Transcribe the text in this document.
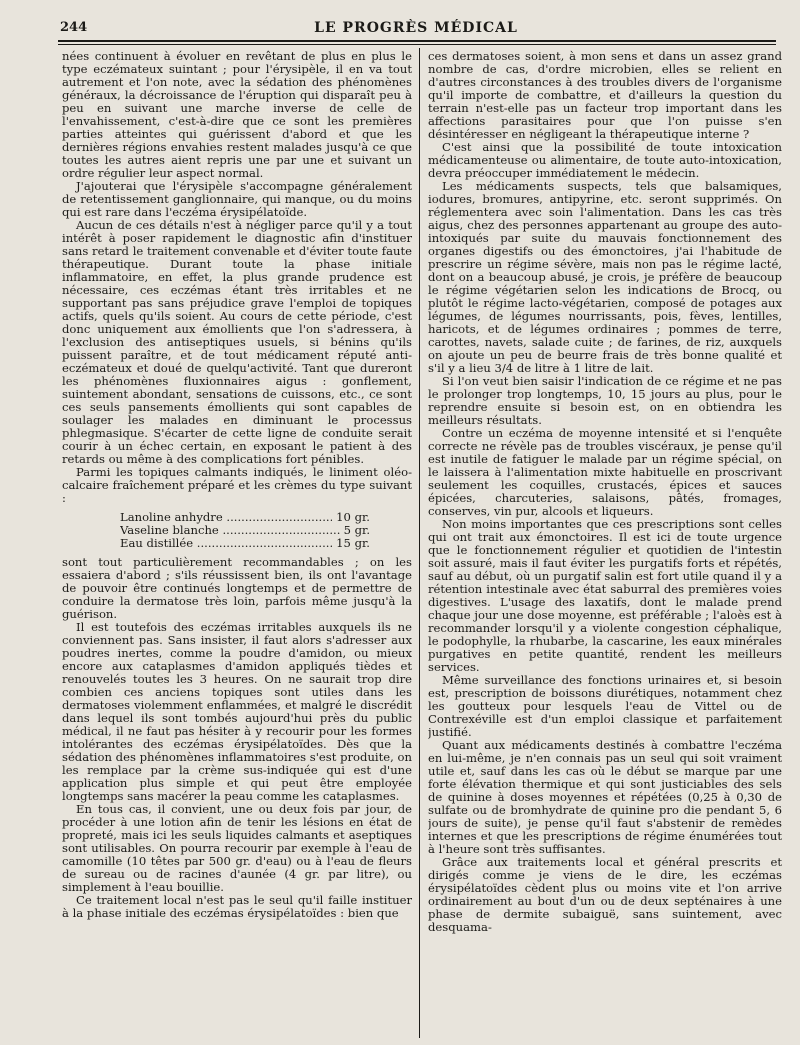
244	LE PROGRÈS MÉDICAL

nées continuent à évoluer en revêtant de plus en plus le type eczémateux suintant ; pour l'érysipèle, il en va tout autrement et l'on note, avec la sédation des phénomènes généraux, la décroissance de l'éruption qui disparaît peu à peu en suivant une marche inverse de celle de l'envahissement, c'est-à-dire que ce sont les premières parties atteintes qui guérissent d'abord et que les dernières régions envahies restent malades jusqu'à ce que toutes les autres aient repris une par une et suivant un ordre régulier leur aspect normal.

J'ajouterai que l'érysipèle s'accompagne généralement de retentissement ganglionnaire, qui manque, ou du moins qui est rare dans l'eczéma érysipélatoïde.

Aucun de ces détails n'est à négliger parce qu'il y a tout intérêt à poser rapidement le diagnostic afin d'instituer sans retard le traitement convenable et d'éviter toute faute thérapeutique. Durant toute la phase initiale inflammatoire, en effet, la plus grande prudence est nécessaire, ces eczémas étant très irritables et ne supportant pas sans préjudice grave l'emploi de topiques actifs, quels qu'ils soient. Au cours de cette période, c'est donc uniquement aux émollients que l'on s'adressera, à l'exclusion des antiseptiques usuels, si bénins qu'ils puissent paraître, et de tout médicament réputé anti-eczémateux et doué de quelqu'activité. Tant que dureront les phénomènes fluxionnaires aigus : gonflement, suintement abondant, sensations de cuissons, etc., ce sont ces seuls pansements émollients qui sont capables de soulager les malades en diminuant le processus phlegmasique. S'écarter de cette ligne de conduite serait courir à un échec certain, en exposant le patient à des retards ou même à des complications fort pénibles.

Parmi les topiques calmants indiqués, le liniment oléo-calcaire fraîchement préparé et les crèmes du type suivant :

Lanoline anhydre .....	10 gr.
Vaseline blanche .....	5 gr.
Eau distillée .....	15 gr.

sont tout particulièrement recommandables ; on les essaiera d'abord ; s'ils réussissent bien, ils ont l'avantage de pouvoir être continués longtemps et de permettre de conduire la dermatose très loin, parfois même jusqu'à la guérison.

Il est toutefois des eczémas irritables auxquels ils ne conviennent pas. Sans insister, il faut alors s'adresser aux poudres inertes, comme la poudre d'amidon, ou mieux encore aux cataplasmes d'amidon appliqués tièdes et renouvelés toutes les 3 heures. On ne saurait trop dire combien ces anciens topiques sont utiles dans les dermatoses violemment enflammées, et malgré le discrédit dans lequel ils sont tombés aujourd'hui près du public médical, il ne faut pas hésiter à y recourir pour les formes intolérantes des eczémas érysipélatoïdes. Dès que la sédation des phénomènes inflammatoires s'est produite, on les remplace par la crème sus-indiquée qui est d'une application plus simple et qui peut être employée longtemps sans macérer la peau comme les cataplasmes.

En tous cas, il convient, une ou deux fois par jour, de procéder à une lotion afin de tenir les lésions en état de propreté, mais ici les seuls liquides calmants et aseptiques sont utilisables. On pourra recourir par exemple à l'eau de camomille (10 têtes par 500 gr. d'eau) ou à l'eau de fleurs de sureau ou de racines d'aunée (4 gr. par litre), ou simplement à l'eau bouillie.

Ce traitement local n'est pas le seul qu'il faille instituer à la phase initiale des eczémas érysipélatoïdes : bien que

ces dermatoses soient, à mon sens et dans un assez grand nombre de cas, d'ordre microbien, elles se relient en d'autres circonstances à des troubles divers de l'organisme qu'il importe de combattre, et d'ailleurs la question du terrain n'est-elle pas un facteur trop important dans les affections parasitaires pour que l'on puisse s'en désintéresser en négligeant la thérapeutique interne ?

C'est ainsi que la possibilité de toute intoxication médicamenteuse ou alimentaire, de toute auto-intoxication, devra préoccuper immédiatement le médecin.

Les médicaments suspects, tels que balsamiques, iodures, bromures, antipyrine, etc. seront supprimés. On réglementera avec soin l'alimentation. Dans les cas très aigus, chez des personnes appartenant au groupe des auto-intoxiqués par suite du mauvais fonctionnement des organes digestifs ou des émonctoires, j'ai l'habitude de prescrire un régime sévère, mais non pas le régime lacté, dont on a beaucoup abusé, je crois, je préfère de beaucoup le régime végétarien selon les indications de Brocq, ou plutôt le régime lacto-végétarien, composé de potages aux légumes, de légumes nourrissants, pois, fèves, lentilles, haricots, et de légumes ordinaires ; pommes de terre, carottes, navets, salade cuite ; de farines, de riz, auxquels on ajoute un peu de beurre frais de très bonne qualité et s'il y a lieu 3/4 de litre à 1 litre de lait.

Si l'on veut bien saisir l'indication de ce régime et ne pas le prolonger trop longtemps, 10, 15 jours au plus, pour le reprendre ensuite si besoin est, on en obtiendra les meilleurs résultats.

Contre un eczéma de moyenne intensité et si l'enquête correcte ne révèle pas de troubles viscéraux, je pense qu'il est inutile de fatiguer le malade par un régime spécial, on le laissera à l'alimentation mixte habituelle en proscrivant seulement les coquilles, crustacés, épices et sauces épicées, charcuteries, salaisons, pâtés, fromages, conserves, vin pur, alcools et liqueurs.

Non moins importantes que ces prescriptions sont celles qui ont trait aux émonctoires. Il est ici de toute urgence que le fonctionnement régulier et quotidien de l'intestin soit assuré, mais il faut éviter les purgatifs forts et répétés, sauf au début, où un purgatif salin est fort utile quand il y a rétention intestinale avec état saburral des premières voies digestives. L'usage des laxatifs, dont le malade prend chaque jour une dose moyenne, est préférable ; l'aloès est à recommander lorsqu'il y a violente congestion céphalique, le podophylle, la rhubarbe, la cascarine, les eaux minérales purgatives en petite quantité, rendent les meilleurs services.

Même surveillance des fonctions urinaires et, si besoin est, prescription de boissons diurétiques, notamment chez les goutteux pour lesquels l'eau de Vittel ou de Contrexéville est d'un emploi classique et parfaitement justifié.

Quant aux médicaments destinés à combattre l'eczéma en lui-même, je n'en connais pas un seul qui soit vraiment utile et, sauf dans les cas où le début se marque par une forte élévation thermique et qui sont justiciables des sels de quinine à doses moyennes et répétées (0,25 à 0,30 de sulfate ou de bromhydrate de quinine pro die pendant 5, 6 jours de suite), je pense qu'il faut s'abstenir de remèdes internes et que les prescriptions de régime énumérées tout à l'heure sont très suffisantes.

Grâce aux traitements local et général prescrits et dirigés comme je viens de le dire, les eczémas érysipélatoïdes cèdent plus ou moins vite et l'on arrive ordinairement au bout d'un ou de deux septénaires à une phase de dermite subaiguë, sans suintement, avec desquama-
